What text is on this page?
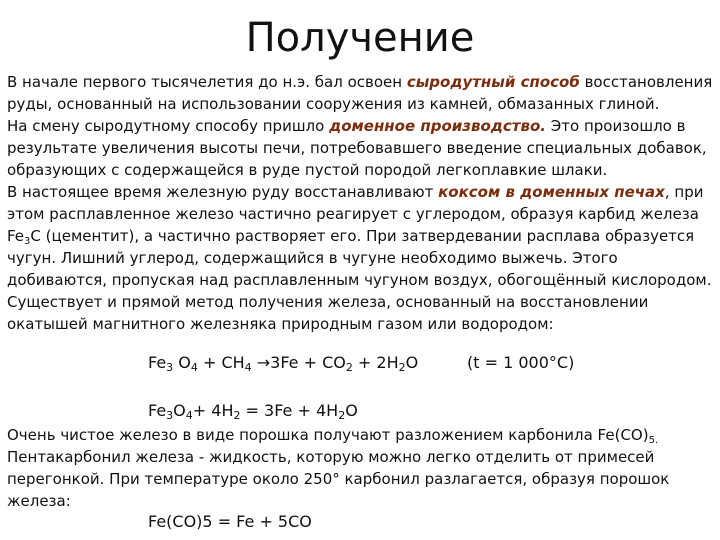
Получение

В начале первого тысячелетия до н.э. бал освоен сыродутный способ восстановления руды, основанный на использовании сооружения из камней, обмазанных глиной.

На смену сыродутному способу пришло доменное производство. Это произошло в результате увеличения высоты печи, потребовавшего введение специальных добавок, образующих с содержащейся в руде пустой породой легкоплавкие шлаки.

В настоящее время железную руду восстанавливают коксом в доменных печах, при этом расплавленное железо частично реагирует с углеродом, образуя карбид железа $Fe_3C$ (цементит), а частично растворяет его. При затвердевании расплава образуется чугун. Лишний углерод, содержащийся в чугуне необходимо выжечь. Этого добиваются, пропуская над расплавленным чугуном воздух, обогощённый кислородом.

Существует и прямой метод получения железа, основанный на восстановлении окатышей магнитного железняка природным газом или водородом:

$Fe_3$ $O_4 + CH_4 \to 3Fe + CO_2 + 2H_2O$	(t = 1 000°C)
$Fe_3O_4+ 4H_2 = 3Fe + 4H_2O$

Очень чистое железо в виде порошка получают разложением карбонила $Fe(CO)_{5.}$

Пентакарбонил железа - жидкость, которую можно легко отделить от примесей перегонкой. При температуре около 250° карбонил разлагается, образуя порошок железа:

Fe(CO)5 = Fe + 5CO
